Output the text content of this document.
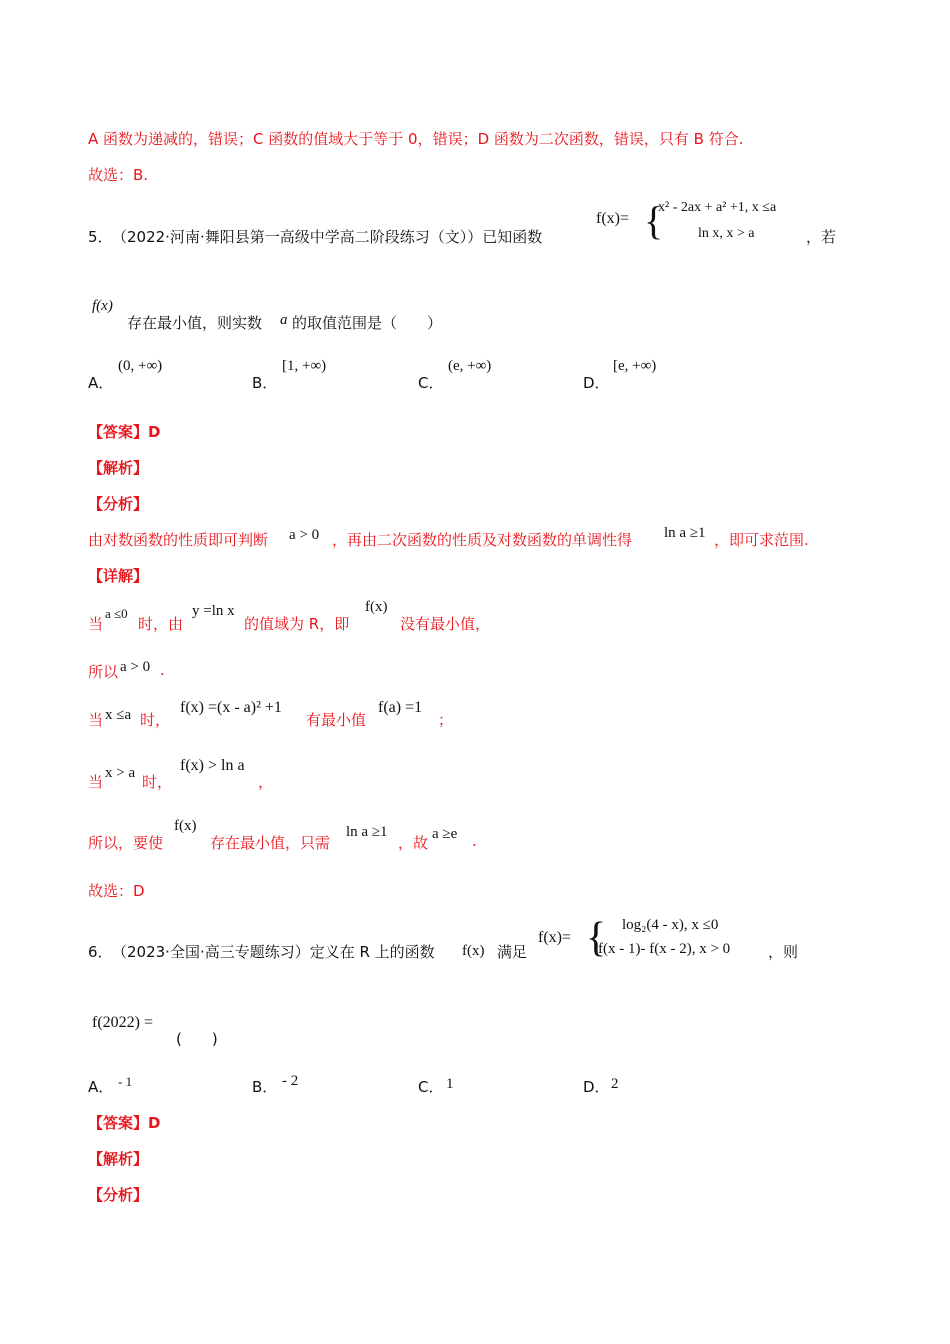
A 函数为递减的，错误；C 函数的值域大于等于 0，错误；D 函数为二次函数，错误，只有 B 符合.
故选：B.
5． （2022·河南·舞阳县第一高级中学高二阶段练习（文））已知函数
f(x)= {
x² - 2ax + a² +1, x ≤a
ln x, x > a	，若
f(x)
存在最小值，则实数 a 的取值范围是（　　）
A．
(0, +∞)
B．
[1, +∞)
C．
(e, +∞)
D．
[e, +∞)
【答案】D
【解析】
【分析】
由对数函数的性质即可判断 a > 0 ，再由二次函数的性质及对数函数的单调性得 ln a ≥1 ，即可求范围.
【详解】
当
a ≤0
时，由
y =ln x
的值域为 R，即
f(x)
没有最小值，
所以 a > 0 .
当 x ≤a 时，
f(x) =(x - a)² +1
有最小值
f(a) =1
；
当 x > a 时，
f(x) > ln a
，
所以，要使
f(x)
存在最小值，只需
ln a ≥1
，故 a ≥e .
故选：D
6． （2023·全国·高三专题练习）定义在 R 上的函数 f(x) 满足
f(x)= { log₂(4 - x), x ≤0
f(x - 1)- f(x - 2), x > 0	，则
f(2022) =
(　　)
A． - 1	B． - 2	C． 1	D． 2
【答案】D
【解析】
【分析】
